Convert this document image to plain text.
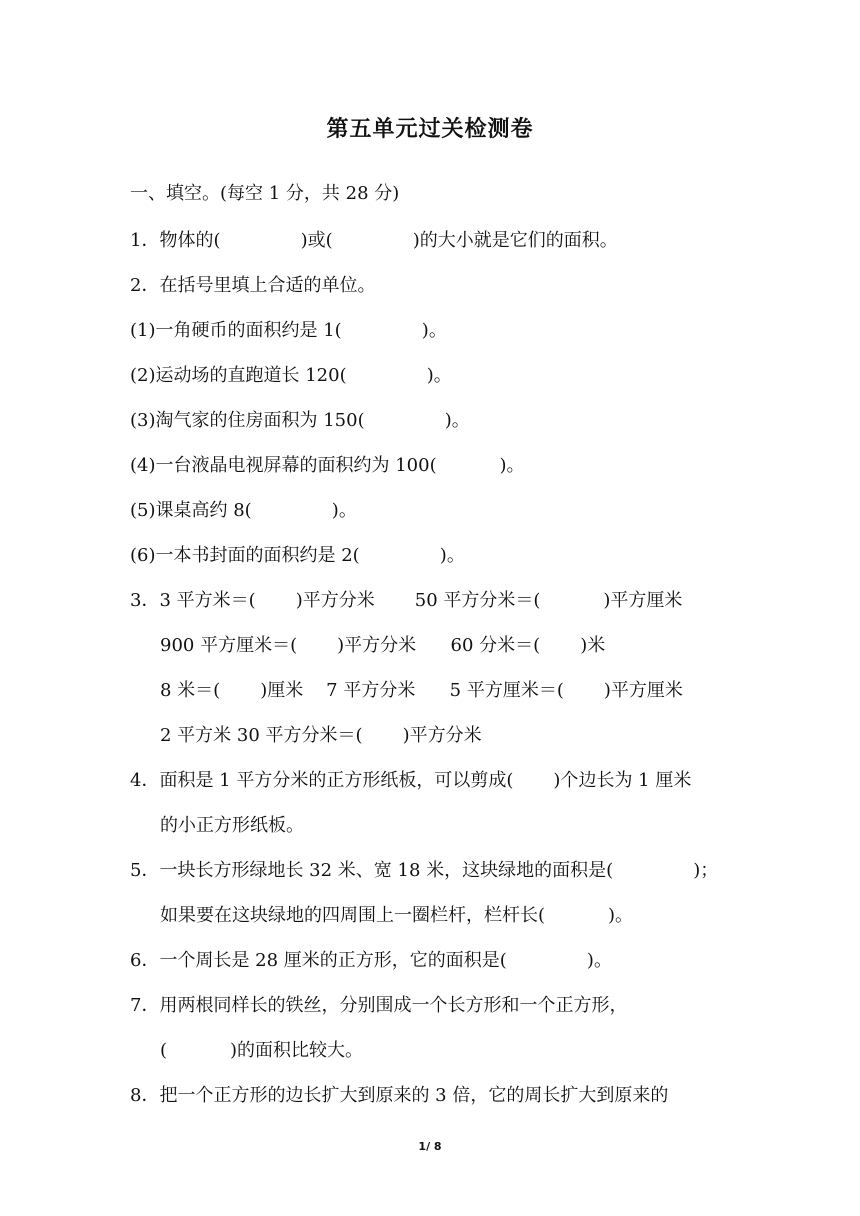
第五单元过关检测卷
一、填空。(每空 1 分，共 28 分)
1．物体的(              )或(              )的大小就是它们的面积。
2．在括号里填上合适的单位。
(1)一角硬币的面积约是 1(              )。
(2)运动场的直跑道长 120(              )。
(3)淘气家的住房面积为 150(              )。
(4)一台液晶电视屏幕的面积约为 100(           )。
(5)课桌高约 8(              )。
(6)一本书封面的面积约是 2(              )。
3．3 平方米＝(       )平方分米       50 平方分米＝(           )平方厘米
900 平方厘米＝(       )平方分米      60 分米＝(       )米
8 米＝(       )厘米    7 平方分米      5 平方厘米＝(       )平方厘米
2 平方米 30 平方分米＝(       )平方分米
4．面积是 1 平方分米的正方形纸板，可以剪成(       )个边长为 1 厘米
的小正方形纸板。
5．一块长方形绿地长 32 米、宽 18 米，这块绿地的面积是(              )；
如果要在这块绿地的四周围上一圈栏杆，栏杆长(           )。
6．一个周长是 28 厘米的正方形，它的面积是(              )。
7．用两根同样长的铁丝，分别围成一个长方形和一个正方形，
(           )的面积比较大。
8．把一个正方形的边长扩大到原来的 3 倍，它的周长扩大到原来的
1/ 8
